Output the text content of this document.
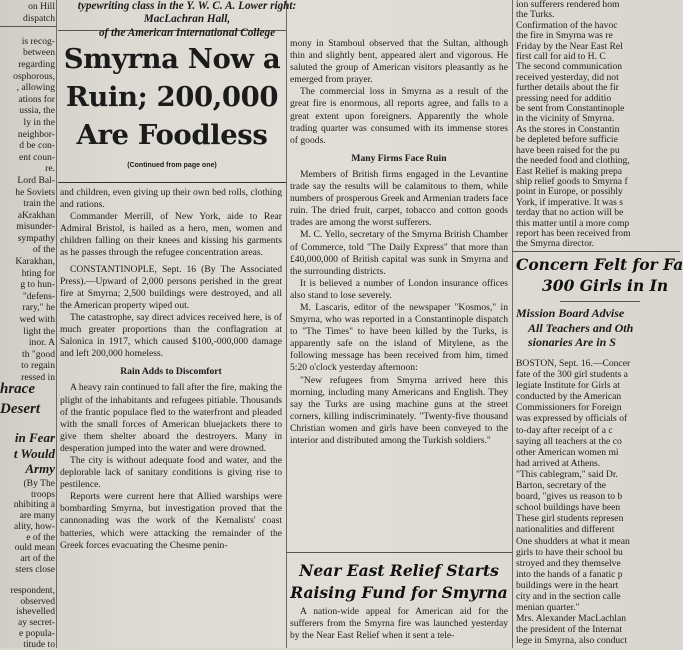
typewriting class in the Y. W. C. A. Lower right: MacLachran Hall,
of the American International College
Smyrna Now a
Ruin; 200,000
Are Foodless
(Continued from page one)
on Hill
dispatch

is recog-
between
regarding
osphorous,
, allowing
ations for
ussia, the
ly in the
neighbor-
d be con-
ent coun-
re.
Lord Bal-
he Soviets
train the
aKrakhan
misunder-
sympathy
of the
Karakhan,
hting for
g to hun-
"defens-
rary," he
wed with
light the
inor. A
th "good
to regain
ressed in
hrace
Desert
in Fear
t Would
Army
(By The
troops
nhibiting a
are many
ality, how-
e of the
ould mean
art of the
sters close

respondent,
observed
ishevelled
ay secret-
e popula-
titude to

and children, even giving up their own bed rolls, clothing and rations.

Commander Merrill, of New York, aide to Rear Admiral Bristol, is hailed as a hero, men, women and children falling on their knees and kissing his garments as he passes through the refugee concentration areas.

CONSTANTINOPLE, Sept. 16 (By The Associated Press).—Upward of 2,000 persons perished in the great fire at Smyrna; 2,500 buildings were destroyed, and all the American property wiped out.

The catastrophe, say direct advices received here, is of much greater proportions than the conflagration at Salonica in 1917, which caused $100,-000,000 damage and left 200,000 homeless.

Rain Adds to Discomfort

A heavy rain continued to fall after the fire, making the plight of the inhabitants and refugees pitiable. Thousands of the frantic populace fled to the waterfront and pleaded with the small forces of American bluejackets there to give them shelter aboard the destroyers. Many in desperation jumped into the water and were drowned.

The city is without adequate food and water, and the deplorable lack of sanitary conditions is giving rise to pestilence.

Reports were current here that Allied warships were bombarding Smyrna, but investigation proved that the cannonading was the work of the Kemalists' coast batteries, which were attacking the remainder of the Greek forces evacuating the Chesme penin-

mony in Stamboul observed that the Sultan, although thin and slightly bent, appeared alert and vigorous. He saluted the group of American visitors pleasantly as he emerged from prayer.

The commercial loss in Smyrna as a result of the great fire is enormous, all reports agree, and falls to a great extent upon foreigners. Apparently the whole trading quarter was consumed with its immense stores of goods.

Many Firms Face Ruin

Members of British firms engaged in the Levantine trade say the results will be calamitous to them, while numbers of prosperous Greek and Armenian traders face ruin. The dried fruit, carpet, tobacco and cotton goods trades are among the worst sufferers.

M. C. Yello, secretary of the Smyrna British Chamber of Commerce, told "The Daily Express" that more than £40,000,000 of British capital was sunk in Smyrna and the surrounding districts.

It is believed a number of London insurance offices also stand to lose severely.

M. Lascaris, editor of the newspaper "Kosmos," in Smyrna, who was reported in a Constantinople dispatch to "The Times" to have been killed by the Turks, is apparently safe on the island of Mitylene, as the following message has been received from him, timed 5:20 o'clock yesterday afternoon:

"New refugees from Smyrna arrived here this morning, including many Americans and English. They say the Turks are using machine guns at the street corners, killing indiscriminately. "Twenty-five thousand Christian women and girls have been conveyed to the interior and distributed among the Turkish soldiers."

Near East Relief Starts
Raising Fund for Smyrna

A nation-wide appeal for American aid for the sufferers from the Smyrna fire was launched yesterday by the Near East Relief when it sent a tele-

ion sufferers rendered hom
the Turks.
Confirmation of the havoc
the fire in Smyrna was re
Friday by the Near East Rel
first call for aid to H. C
The second communication
received yesterday, did not
further details about the fir
pressing need for additio
be sent from Constantinople
in the vicinity of Smyrna.
As the stores in Constantin
be depleted before sufficie
have been raised for the pu
the needed food and clothing,
East Relief is making prepa
ship relief goods to Smyrna f
point in Europe, or possibly
York, if imperative. It was s
terday that no action will be
this matter until a more comp
report has been received from
the Smyrna director.
Concern Felt for Fa
300 Girls in In
Mission Board Advise
All Teachers and Oth
sionaries Are in S
BOSTON, Sept. 16.—Concer
fate of the 300 girl students a
legiate Institute for Girls at
conducted by the American
Commissioners for Foreign
was expressed by officials of
to-day after receipt of a c
saying all teachers at the co
other American women mi
had arrived at Athens.
"This cablegram," said Dr.
Barton, secretary of the
board, "gives us reason to b
school buildings have been
These girl students represen
nationalities and different
One shudders at what it mean
girls to have their school bu
stroyed and they themselve
into the hands of a fanatic p
buildings were in the heart
city and in the section calle
menian quarter."
Mrs. Alexander MacLachlan
the president of the Internat
lege in Smyrna, also conduct
